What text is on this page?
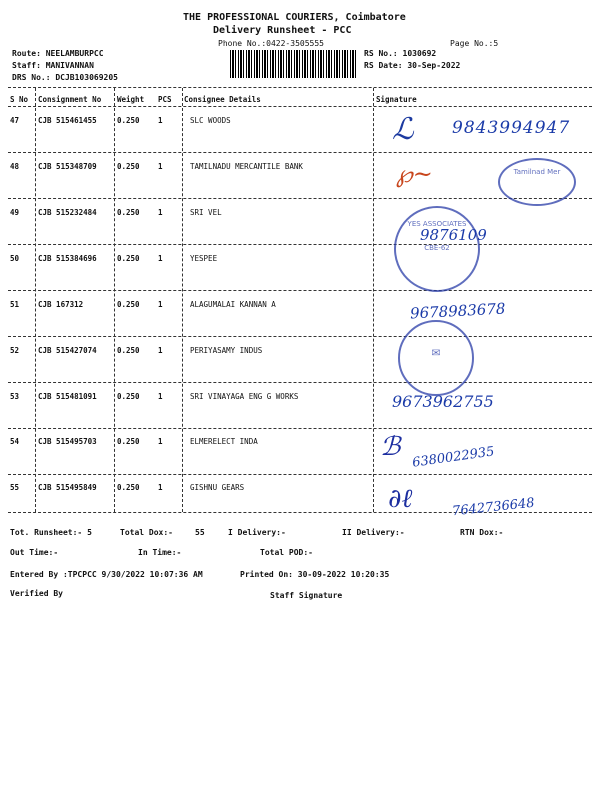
THE PROFESSIONAL COURIERS, Coimbatore
Delivery Runsheet - PCC
Phone No.:0422-3505555	Page No.:5
Route: NEELAMBURPCC
Staff: MANIVANNAN
DRS No.: DCJB103069205
RS No.: 1030692
RS Date: 30-Sep-2022
S No Consignment No Weight PCS Consignee Details	Signature
47	CJB 515461455	0.250 1	SLC WOODS
48	CJB 515348709	0.250 1	TAMILNADU MERCANTILE BANK
49	CJB 515232484	0.250 1	SRI VEL
50	CJB 515384696	0.250 1	YESPEE
51	CJB 167312	0.250 1	ALAGUMALAI KANNAN A
52	CJB 515427074	0.250 1	PERIYASAMY INDUS
53	CJB 515481091	0.250 1	SRI VINAYAGA ENG G WORKS
54	CJB 515495703	0.250 1	ELMERELECT INDA
55	CJB 515495849	0.250 1	GISHNU GEARS
ℒ 9843994947
℘~	Tamilnad Mer
YES ASSOCIATES
CBE-62
9876109
9678983678
✉
9673962755
ℬ 6380022935
∂ℓ	7642736648
Tot. Runsheet:- 5	Total Dox:-	55	I Delivery:-	II Delivery:-	RTN Dox:-
Out Time:-	In Time:-	Total POD:-
Entered By :TPCPCC 9/30/2022 10:07:36 AM	Printed On: 30-09-2022 10:20:35
Verified By	Staff Signature
